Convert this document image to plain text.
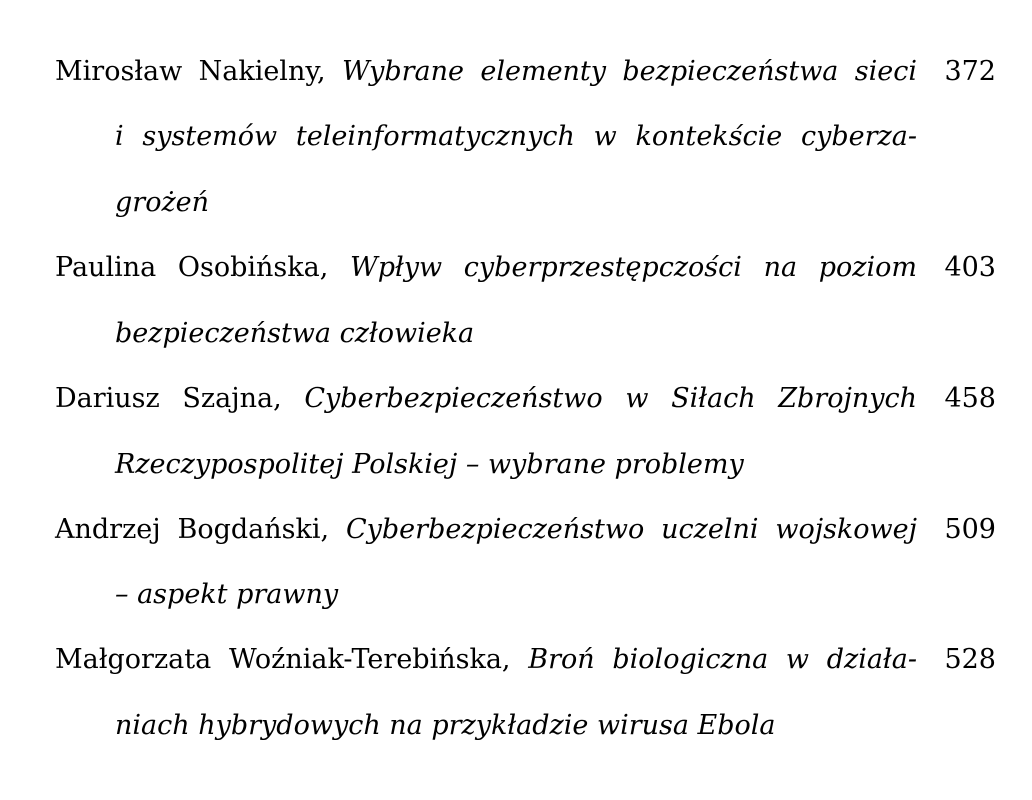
Mirosław Nakielny, Wybrane elementy bezpieczeństwa sieci 372
i systemów teleinformatycznych w kontekście cyberza-
grożeń
Paulina Osobińska, Wpływ cyberprzestępczości na poziom 403
bezpieczeństwa człowieka
Dariusz Szajna, Cyberbezpieczeństwo w Siłach Zbrojnych 458
Rzeczypospolitej Polskiej – wybrane problemy
Andrzej Bogdański, Cyberbezpieczeństwo uczelni wojskowej 509
– aspekt prawny
Małgorzata Woźniak-Terebińska, Broń biologiczna w działa- 528
niach hybrydowych na przykładzie wirusa Ebola
